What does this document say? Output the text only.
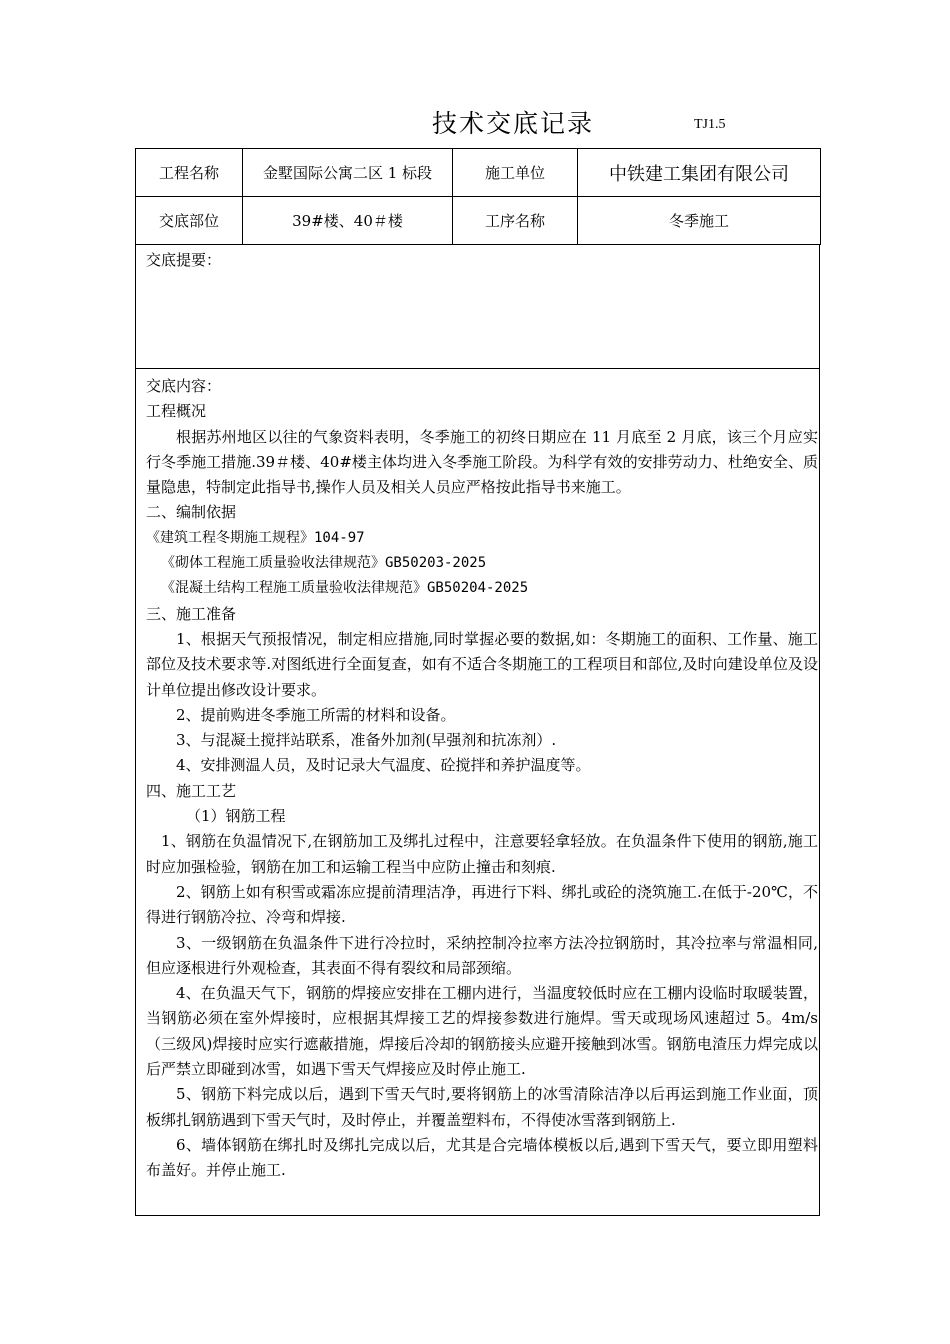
技术交底记录	TJ1.5
工程名称	金墅国际公寓二区 1 标段	施工单位	中铁建工集团有限公司
交底部位	39#楼、40＃楼	工序名称	冬季施工
交底提要：

交底内容：

工程概况

根据苏州地区以往的气象资料表明，冬季施工的初终日期应在 11 月底至 2 月底，该三个月应实行冬季施工措施.39＃楼、40#楼主体均进入冬季施工阶段。为科学有效的安排劳动力、杜绝安全、质量隐患，特制定此指导书,操作人员及相关人员应严格按此指导书来施工。

二、编制依据

《建筑工程冬期施工规程》104-97

《砌体工程施工质量验收法律规范》GB50203-2025

《混凝土结构工程施工质量验收法律规范》GB50204-2025

三、施工准备

1、根据天气预报情况，制定相应措施,同时掌握必要的数据,如：冬期施工的面积、工作量、施工部位及技术要求等.对图纸进行全面复查，如有不适合冬期施工的工程项目和部位,及时向建设单位及设计单位提出修改设计要求。

2、提前购进冬季施工所需的材料和设备。

3、与混凝土搅拌站联系，准备外加剂(早强剂和抗冻剂）.

4、安排测温人员，及时记录大气温度、砼搅拌和养护温度等。

四、施工工艺

（1）钢筋工程

1、钢筋在负温情况下,在钢筋加工及绑扎过程中，注意要轻拿轻放。在负温条件下使用的钢筋,施工时应加强检验，钢筋在加工和运输工程当中应防止撞击和刻痕.

2、钢筋上如有积雪或霜冻应提前清理洁净，再进行下料、绑扎或砼的浇筑施工.在低于-20℃，不得进行钢筋冷拉、冷弯和焊接.

3、一级钢筋在负温条件下进行冷拉时，采纳控制冷拉率方法冷拉钢筋时，其冷拉率与常温相同,但应逐根进行外观检查，其表面不得有裂纹和局部颈缩。

4、在负温天气下，钢筋的焊接应安排在工棚内进行，当温度较低时应在工棚内设临时取暖装置，当钢筋必须在室外焊接时，应根据其焊接工艺的焊接参数进行施焊。雪天或现场风速超过 5。4m/s（三级风)焊接时应实行遮蔽措施，焊接后冷却的钢筋接头应避开接触到冰雪。钢筋电渣压力焊完成以后严禁立即碰到冰雪，如遇下雪天气焊接应及时停止施工.

5、钢筋下料完成以后，遇到下雪天气时,要将钢筋上的冰雪清除洁净以后再运到施工作业面，顶板绑扎钢筋遇到下雪天气时，及时停止，并覆盖塑料布，不得使冰雪落到钢筋上.

6、墙体钢筋在绑扎时及绑扎完成以后，尤其是合完墙体模板以后,遇到下雪天气，要立即用塑料布盖好。并停止施工.
